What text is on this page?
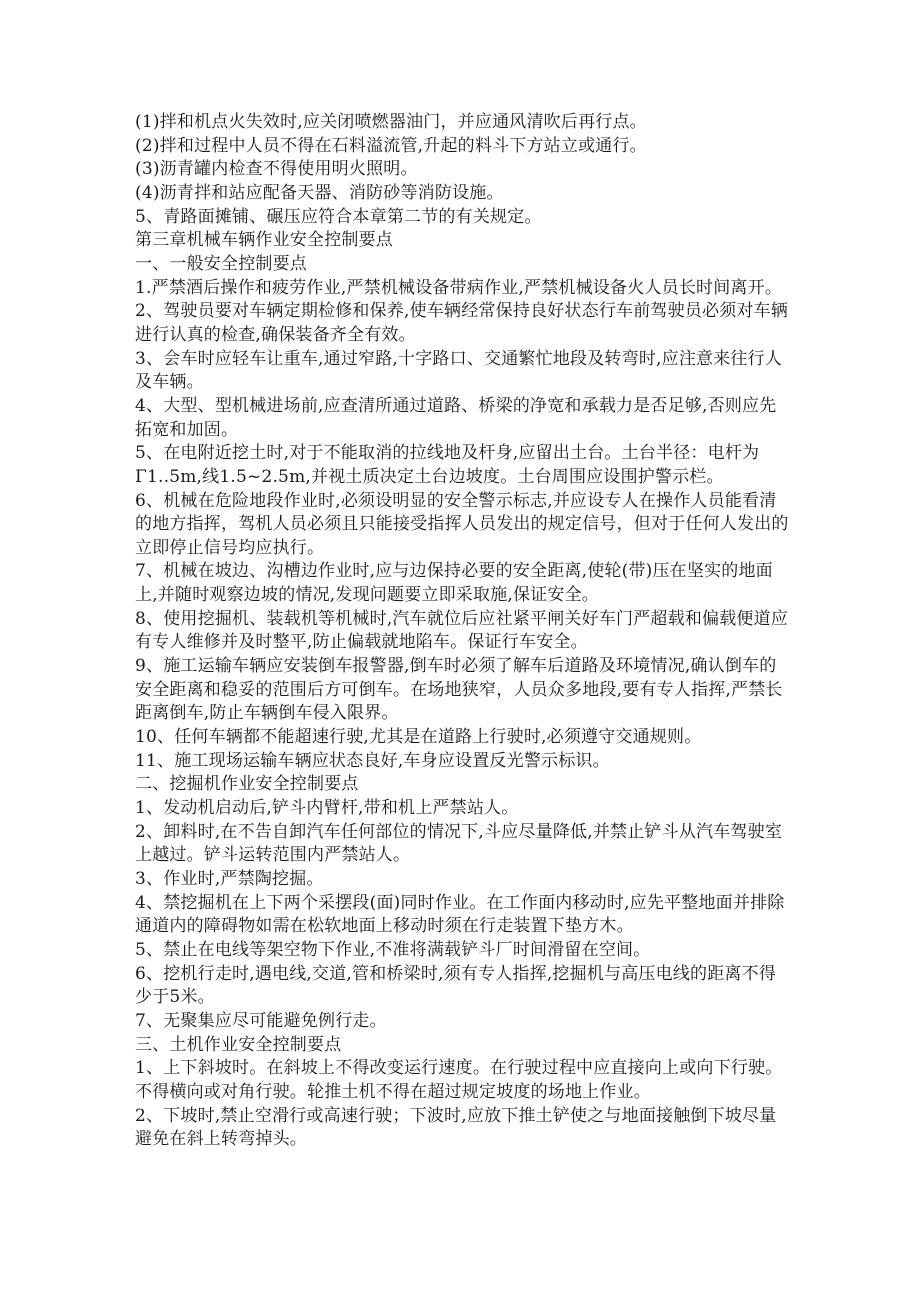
(1)拌和机点火失效时,应关闭喷燃器油门，并应通风清吹后再行点。
(2)拌和过程中人员不得在石料溢流管,升起的料斗下方站立或通行。
(3)沥青罐内检查不得使用明火照明。
(4)沥青拌和站应配备天器、消防砂等消防设施。
5、青路面摊铺、碾压应符合本章第二节的有关规定。
第三章机械车辆作业安全控制要点
一、一般安全控制要点
1.严禁酒后操作和疲劳作业,严禁机械设备带病作业,严禁机械设备火人员长时间离开。
2、驾驶员要对车辆定期检修和保养,使车辆经常保持良好状态行车前驾驶员必须对车辆
进行认真的检查,确保装备齐全有效。
3、会车时应轻车让重车,通过窄路,十字路口、交通繁忙地段及转弯时,应注意来往行人
及车辆。
4、大型、型机械进场前,应查清所通过道路、桥梁的净宽和承载力是否足够,否则应先
拓宽和加固。
5、在电附近挖土时,对于不能取消的拉线地及杆身,应留出土台。土台半径：电杆为
Γ1..5m,线1.5~2.5m,并视土质决定土台边坡度。土台周围应设围护警示栏。
6、机械在危险地段作业时,必须设明显的安全警示标志,并应设专人在操作人员能看清
的地方指挥，驾机人员必须且只能接受指挥人员发出的规定信号，但对于任何人发出的
立即停止信号均应执行。
7、机械在坡边、沟槽边作业时,应与边保持必要的安全距离,使轮(带)压在坚实的地面
上,并随时观察边坡的情况,发现问题要立即采取施,保证安全。
8、使用挖掘机、装载机等机械时,汽车就位后应社紧平闸关好车门严超载和偏载便道应
有专人维修并及时整平,防止偏载就地陷车。保证行车安全。
9、施工运输车辆应安装倒车报警器,倒车时必须了解车后道路及环境情况,确认倒车的
安全距离和稳妥的范围后方可倒车。在场地狭窄，人员众多地段,要有专人指挥,严禁长
距离倒车,防止车辆倒车侵入限界。
10、任何车辆都不能超速行驶,尤其是在道路上行驶时,必须遵守交通规则。
11、施工现场运输车辆应状态良好,车身应设置反光警示标识。
二、挖掘机作业安全控制要点
1、发动机启动后,铲斗内臂杆,带和机上严禁站人。
2、卸料时,在不告自卸汽车任何部位的情况下,斗应尽量降低,并禁止铲斗从汽车驾驶室
上越过。铲斗运转范围内严禁站人。
3、作业时,严禁陶挖掘。
4、禁挖掘机在上下两个采摆段(面)同时作业。在工作面内移动时,应先平整地面并排除
通道内的障碍物如需在松软地面上移动时须在行走装置下垫方木。
5、禁止在电线等架空物下作业,不准将满载铲斗厂时间滑留在空间。
6、挖机行走时,遇电线,交道,管和桥梁时,须有专人指挥,挖掘机与高压电线的距离不得
少于5米。
7、无聚集应尽可能避免例行走。
三、土机作业安全控制要点
1、上下斜坡时。在斜坡上不得改变运行速度。在行驶过程中应直接向上或向下行驶。
不得横向或对角行驶。轮推土机不得在超过规定坡度的场地上作业。
2、下坡时,禁止空滑行或高速行驶；下波时,应放下推土铲使之与地面接触倒下坡尽量
避免在斜上转弯掉头。
